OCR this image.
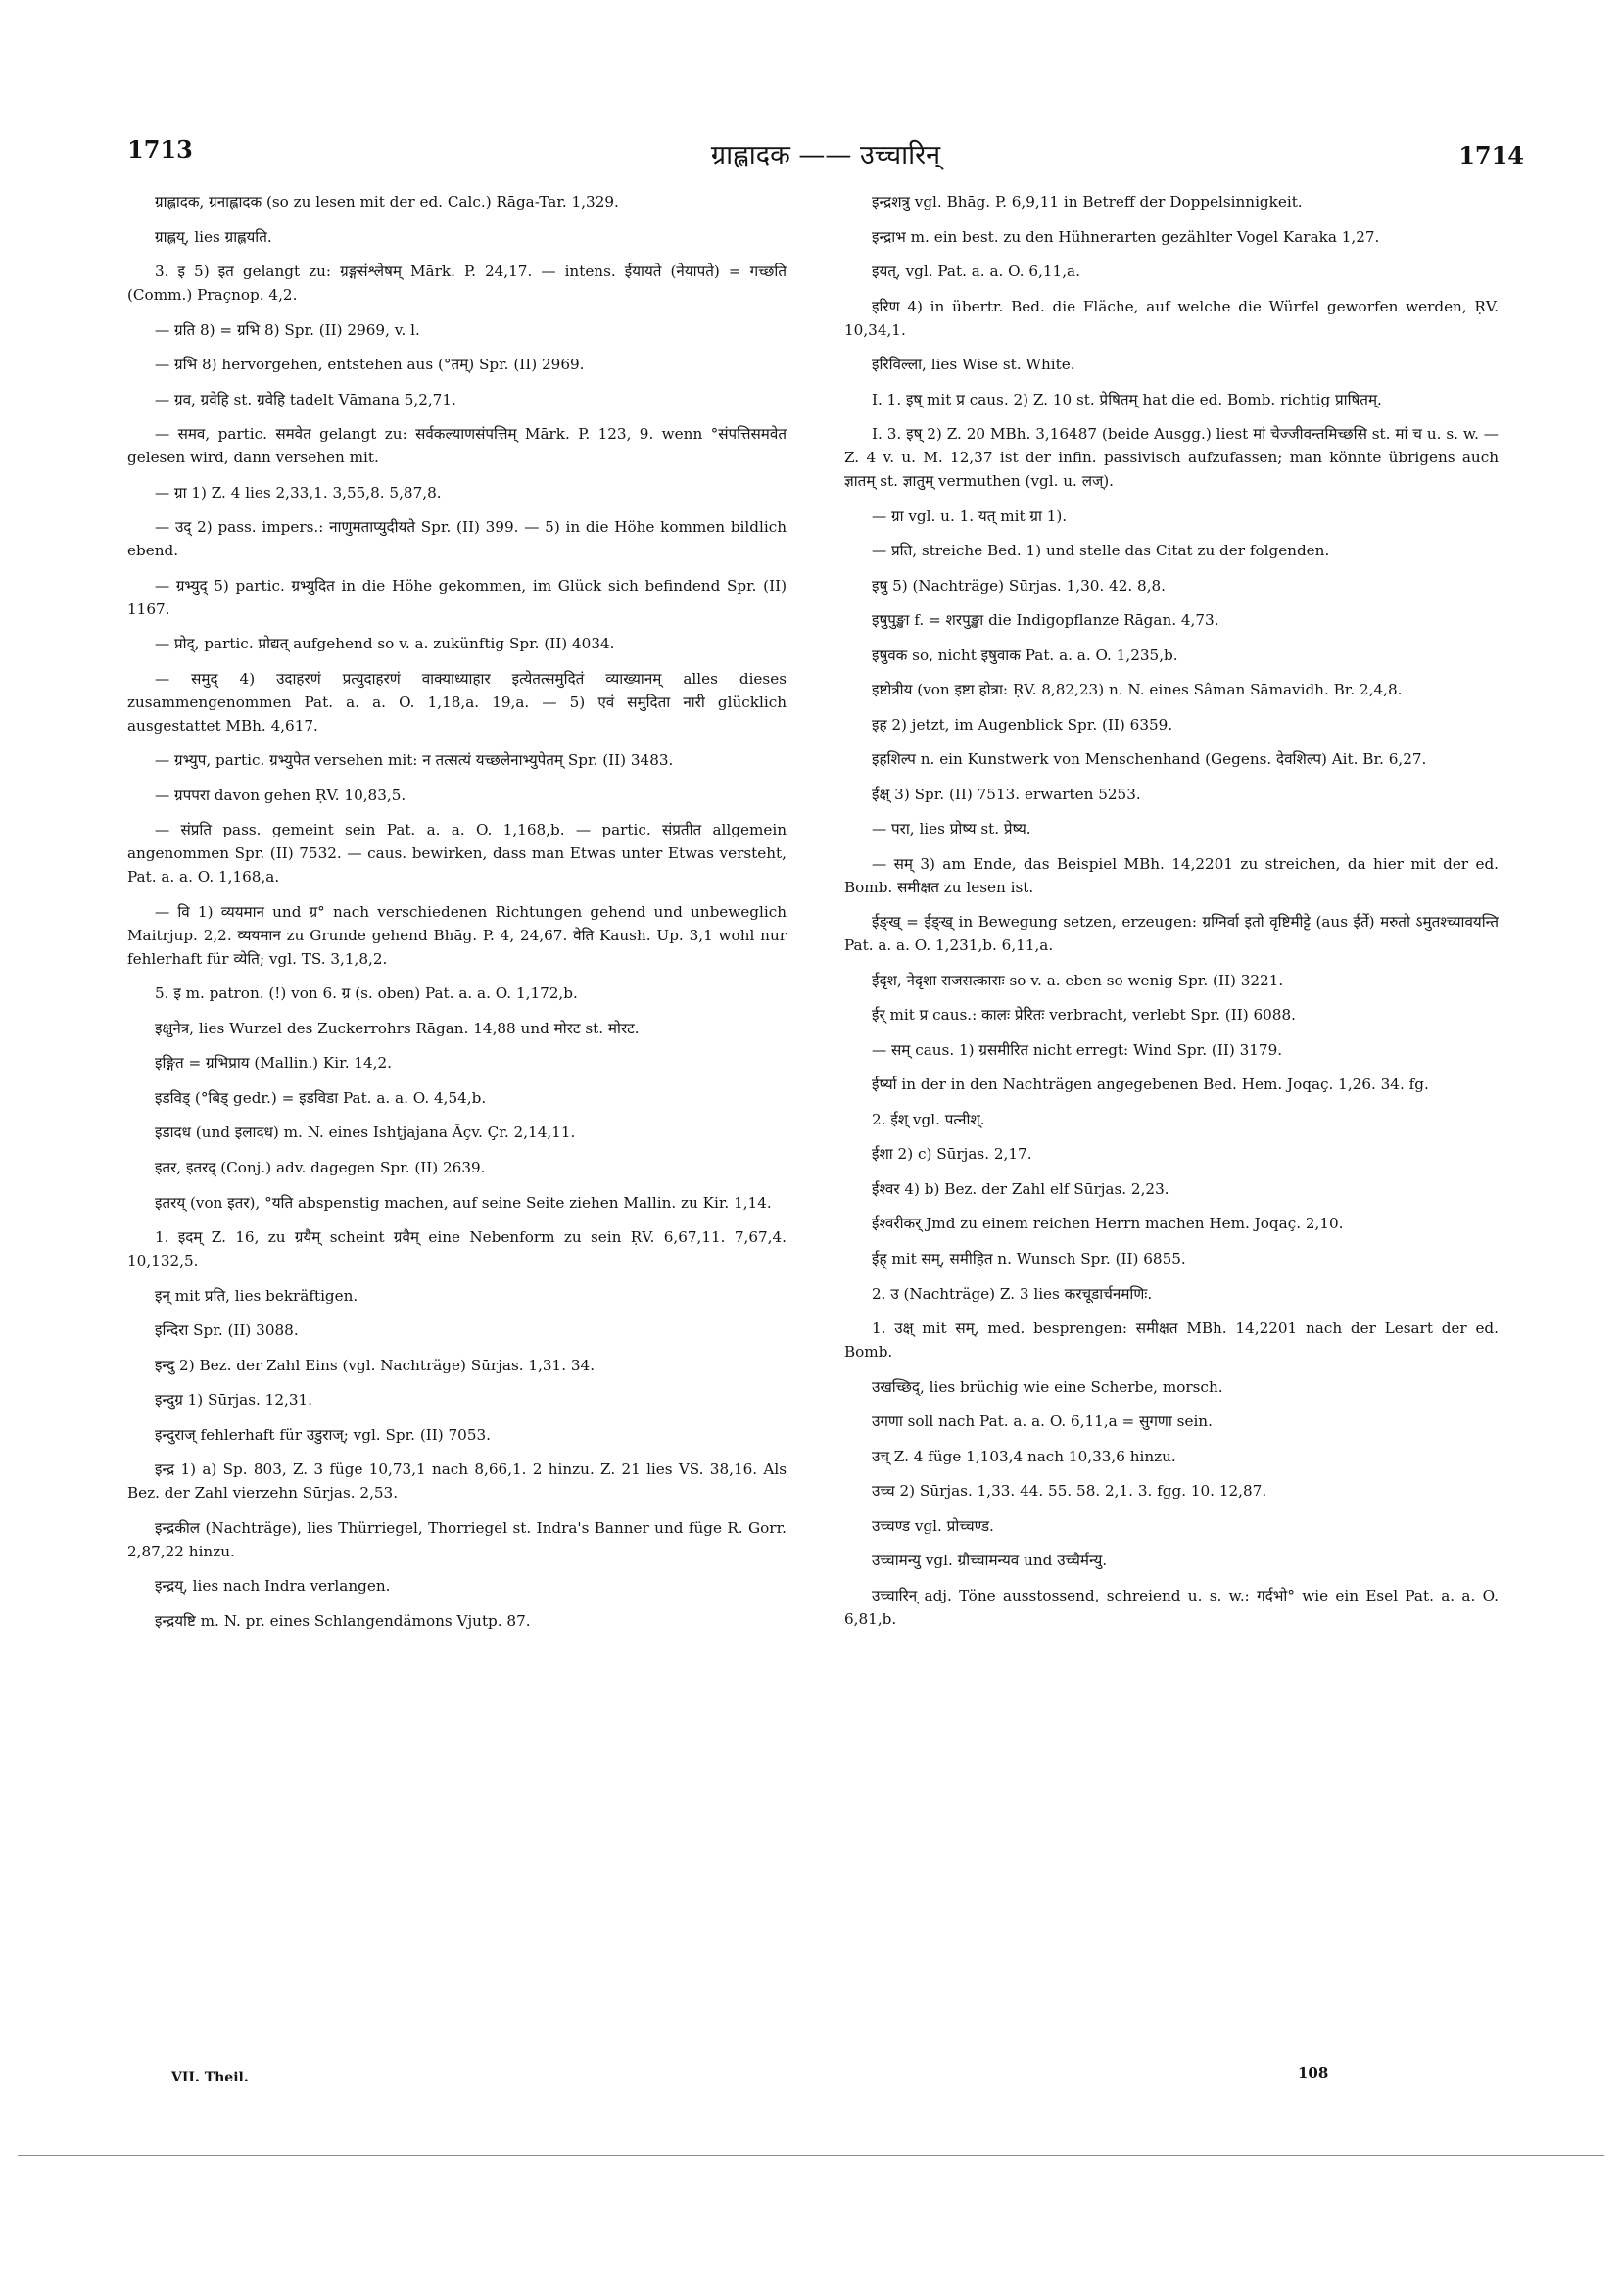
1713	ग्राह्लादक —— उच्चारिन्	1714

ग्राह्लादक, ग्रनाह्लादक (so zu lesen mit der ed. Calc.) Rāga-Tar. 1,329.

ग्राह्लय्, lies ग्राह्लयति.

3. इ 5) इत gelangt zu: ग्रङ्गसंश्लेषम् Mārk. P. 24,17. — intens. ईयायते (नेयापते) = गच्छति (Comm.) Praçnop. 4,2.

— ग्रति 8) = ग्रभि 8) Spr. (II) 2969, v. l.

— ग्रभि 8) hervorgehen, entstehen aus (°तम्) Spr. (II) 2969.

— ग्रव, ग्रवेहि st. ग्रवेहि tadelt Vāmana 5,2,71.

— समव, partic. समवेत gelangt zu: सर्वकल्याणसंपत्तिम् Mārk. P. 123, 9. wenn °संपत्तिसमवेत gelesen wird, dann versehen mit.

— ग्रा 1) Z. 4 lies 2,33,1. 3,55,8. 5,87,8.

— उद् 2) pass. impers.: नाणुमताप्युदीयते Spr. (II) 399. — 5) in die Höhe kommen bildlich ebend.

— ग्रभ्युद् 5) partic. ग्रभ्युदित in die Höhe gekommen, im Glück sich befindend Spr. (II) 1167.

— प्रोद्, partic. प्रोद्यत् aufgehend so v. a. zukünftig Spr. (II) 4034.

— समुद् 4) उदाहरणं प्रत्युदाहरणं वाक्याध्याहार इत्येतत्समुदितं व्याख्यानम् alles dieses zusammengenommen Pat. a. a. O. 1,18,a. 19,a. — 5) एवं समुदिता नारी glücklich ausgestattet MBh. 4,617.

— ग्रभ्युप, partic. ग्रभ्युपेत versehen mit: न तत्सत्यं यच्छलेनाभ्युपेतम् Spr. (II) 3483.

— ग्रपपरा davon gehen ṚV. 10,83,5.

— संप्रति pass. gemeint sein Pat. a. a. O. 1,168,b. — partic. संप्रतीत allgemein angenommen Spr. (II) 7532. — caus. bewirken, dass man Etwas unter Etwas versteht, Pat. a. a. O. 1,168,a.

— वि 1) व्ययमान und ग्र° nach verschiedenen Richtungen gehend und unbeweglich Maitrjup. 2,2. व्ययमान zu Grunde gehend Bhāg. P. 4, 24,67. वेति Kaush. Up. 3,1 wohl nur fehlerhaft für व्येति; vgl. TS. 3,1,8,2.

5. इ m. patron. (!) von 6. ग्र (s. oben) Pat. a. a. O. 1,172,b.

इक्षुनेत्र, lies Wurzel des Zuckerrohrs Rāgan. 14,88 und मोरट st. मोरट.

इङ्गित = ग्रभिप्राय (Mallin.) Kir. 14,2.

इडविड् (°बिड् gedr.) = इडविडा Pat. a. a. O. 4,54,b.

इडादध (und इलादध) m. N. eines Ishṭjajana Āçv. Çr. 2,14,11.

इतर, इतरद् (Conj.) adv. dagegen Spr. (II) 2639.

इतरय् (von इतर), °यति abspenstig machen, auf seine Seite ziehen Mallin. zu Kir. 1,14.

1. इदम् Z. 16, zu ग्रयैम् scheint ग्रवैम् eine Nebenform zu sein ṚV. 6,67,11. 7,67,4. 10,132,5.

इन् mit प्रति, lies bekräftigen.

इन्दिरा Spr. (II) 3088.

इन्दु 2) Bez. der Zahl Eins (vgl. Nachträge) Sūrjas. 1,31. 34.

इन्दुग्र 1) Sūrjas. 12,31.

इन्दुराज् fehlerhaft für उडुराज्; vgl. Spr. (II) 7053.

इन्द्र 1) a) Sp. 803, Z. 3 füge 10,73,1 nach 8,66,1. 2 hinzu. Z. 21 lies VS. 38,16. Als Bez. der Zahl vierzehn Sūrjas. 2,53.

इन्द्रकील (Nachträge), lies Thürriegel, Thorriegel st. Indra's Banner und füge R. Gorr. 2,87,22 hinzu.

इन्द्रय्, lies nach Indra verlangen.

इन्द्रयष्टि m. N. pr. eines Schlangendämons Vjutp. 87.

इन्द्रशत्रु vgl. Bhāg. P. 6,9,11 in Betreff der Doppelsinnigkeit.

इन्द्राभ m. ein best. zu den Hühnerarten gezählter Vogel Karaka 1,27.

इयत्, vgl. Pat. a. a. O. 6,11,a.

इरिण 4) in übertr. Bed. die Fläche, auf welche die Würfel geworfen werden, ṚV. 10,34,1.

इरिविल्ला, lies Wise st. White.

I. 1. इष् mit प्र caus. 2) Z. 10 st. प्रेषितम् hat die ed. Bomb. richtig प्राषितम्.

I. 3. इष् 2) Z. 20 MBh. 3,16487 (beide Ausgg.) liest मां चेज्जीवन्तमिच्छसि st. मां च u. s. w. — Z. 4 v. u. M. 12,37 ist der infin. passivisch aufzufassen; man könnte übrigens auch ज्ञातम् st. ज्ञातुम् vermuthen (vgl. u. लज्).

— ग्रा vgl. u. 1. यत् mit ग्रा 1).

— प्रति, streiche Bed. 1) und stelle das Citat zu der folgenden.

इषु 5) (Nachträge) Sūrjas. 1,30. 42. 8,8.

इषुपुङ्खा f. = शरपुङ्खा die Indigopflanze Rāgan. 4,73.

इषुवक so, nicht इषुवाक Pat. a. a. O. 1,235,b.

इष्टोत्रीय (von इष्टा होत्रा: ṚV. 8,82,23) n. N. eines Sâman Sāmavidh. Br. 2,4,8.

इह 2) jetzt, im Augenblick Spr. (II) 6359.

इहशिल्प n. ein Kunstwerk von Menschenhand (Gegens. देवशिल्प) Ait. Br. 6,27.

ईक्ष् 3) Spr. (II) 7513. erwarten 5253.

— परा, lies प्रोष्य st. प्रेष्य.

— सम् 3) am Ende, das Beispiel MBh. 14,2201 zu streichen, da hier mit der ed. Bomb. समीक्षत zu lesen ist.

ईङ्ख् = ईङ्ख् in Bewegung setzen, erzeugen: ग्रग्निर्वा इतो वृष्टिमीट्टे (aus ईर्ते) मरुतो ऽमुतश्च्यावयन्ति Pat. a. a. O. 1,231,b. 6,11,a.

ईदृश, नेदृशा राजसत्काराः so v. a. eben so wenig Spr. (II) 3221.

ईर् mit प्र caus.: कालः प्रेरितः verbracht, verlebt Spr. (II) 6088.

— सम् caus. 1) ग्रसमीरित nicht erregt: Wind Spr. (II) 3179.

ईर्ष्या in der in den Nachträgen angegebenen Bed. Hem. Joqaç. 1,26. 34. fg.

2. ईश् vgl. पत्नीश्.

ईशा 2) c) Sūrjas. 2,17.

ईश्वर 4) b) Bez. der Zahl elf Sūrjas. 2,23.

ईश्वरीकर् Jmd zu einem reichen Herrn machen Hem. Joqaç. 2,10.

ईह् mit सम्, समीहित n. Wunsch Spr. (II) 6855.

2. उ (Nachträge) Z. 3 lies करचूडार्चनमणिः.

1. उक्ष् mit सम्, med. besprengen: समीक्षत MBh. 14,2201 nach der Lesart der ed. Bomb.

उखच्छिद्, lies brüchig wie eine Scherbe, morsch.

उगणा soll nach Pat. a. a. O. 6,11,a = सुगणा sein.

उच् Z. 4 füge 1,103,4 nach 10,33,6 hinzu.

उच्च 2) Sūrjas. 1,33. 44. 55. 58. 2,1. 3. fgg. 10. 12,87.

उच्चण्ड vgl. प्रोच्चण्ड.

उच्चामन्यु vgl. ग्रौच्चामन्यव und उच्चैर्मन्यु.

उच्चारिन् adj. Töne ausstossend, schreiend u. s. w.: गर्दभो° wie ein Esel Pat. a. a. O. 6,81,b.

VII. Theil.	108
